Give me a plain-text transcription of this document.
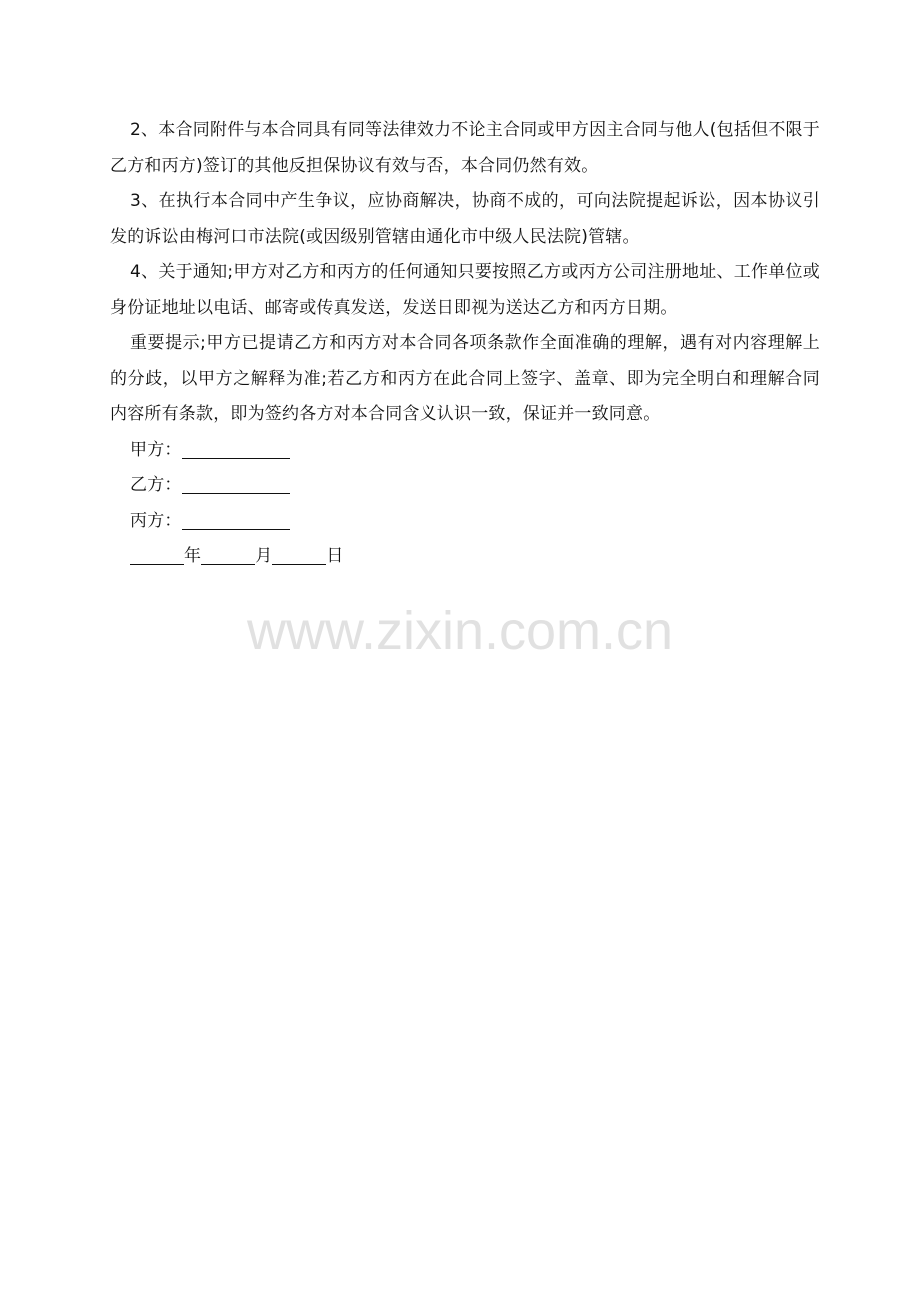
2、本合同附件与本合同具有同等法律效力不论主合同或甲方因主合同与他人(包括但不限于乙方和丙方)签订的其他反担保协议有效与否，本合同仍然有效。

3、在执行本合同中产生争议，应协商解决，协商不成的，可向法院提起诉讼，因本协议引发的诉讼由梅河口市法院(或因级别管辖由通化市中级人民法院)管辖。

4、关于通知;甲方对乙方和丙方的任何通知只要按照乙方或丙方公司注册地址、工作单位或身份证地址以电话、邮寄或传真发送，发送日即视为送达乙方和丙方日期。

重要提示;甲方已提请乙方和丙方对本合同各项条款作全面准确的理解，遇有对内容理解上的分歧，以甲方之解释为准;若乙方和丙方在此合同上签字、盖章、即为完全明白和理解合同内容所有条款，即为签约各方对本合同含义认识一致，保证并一致同意。

甲方：

乙方：

丙方：

年	月	日

www.zixin.com.cn
